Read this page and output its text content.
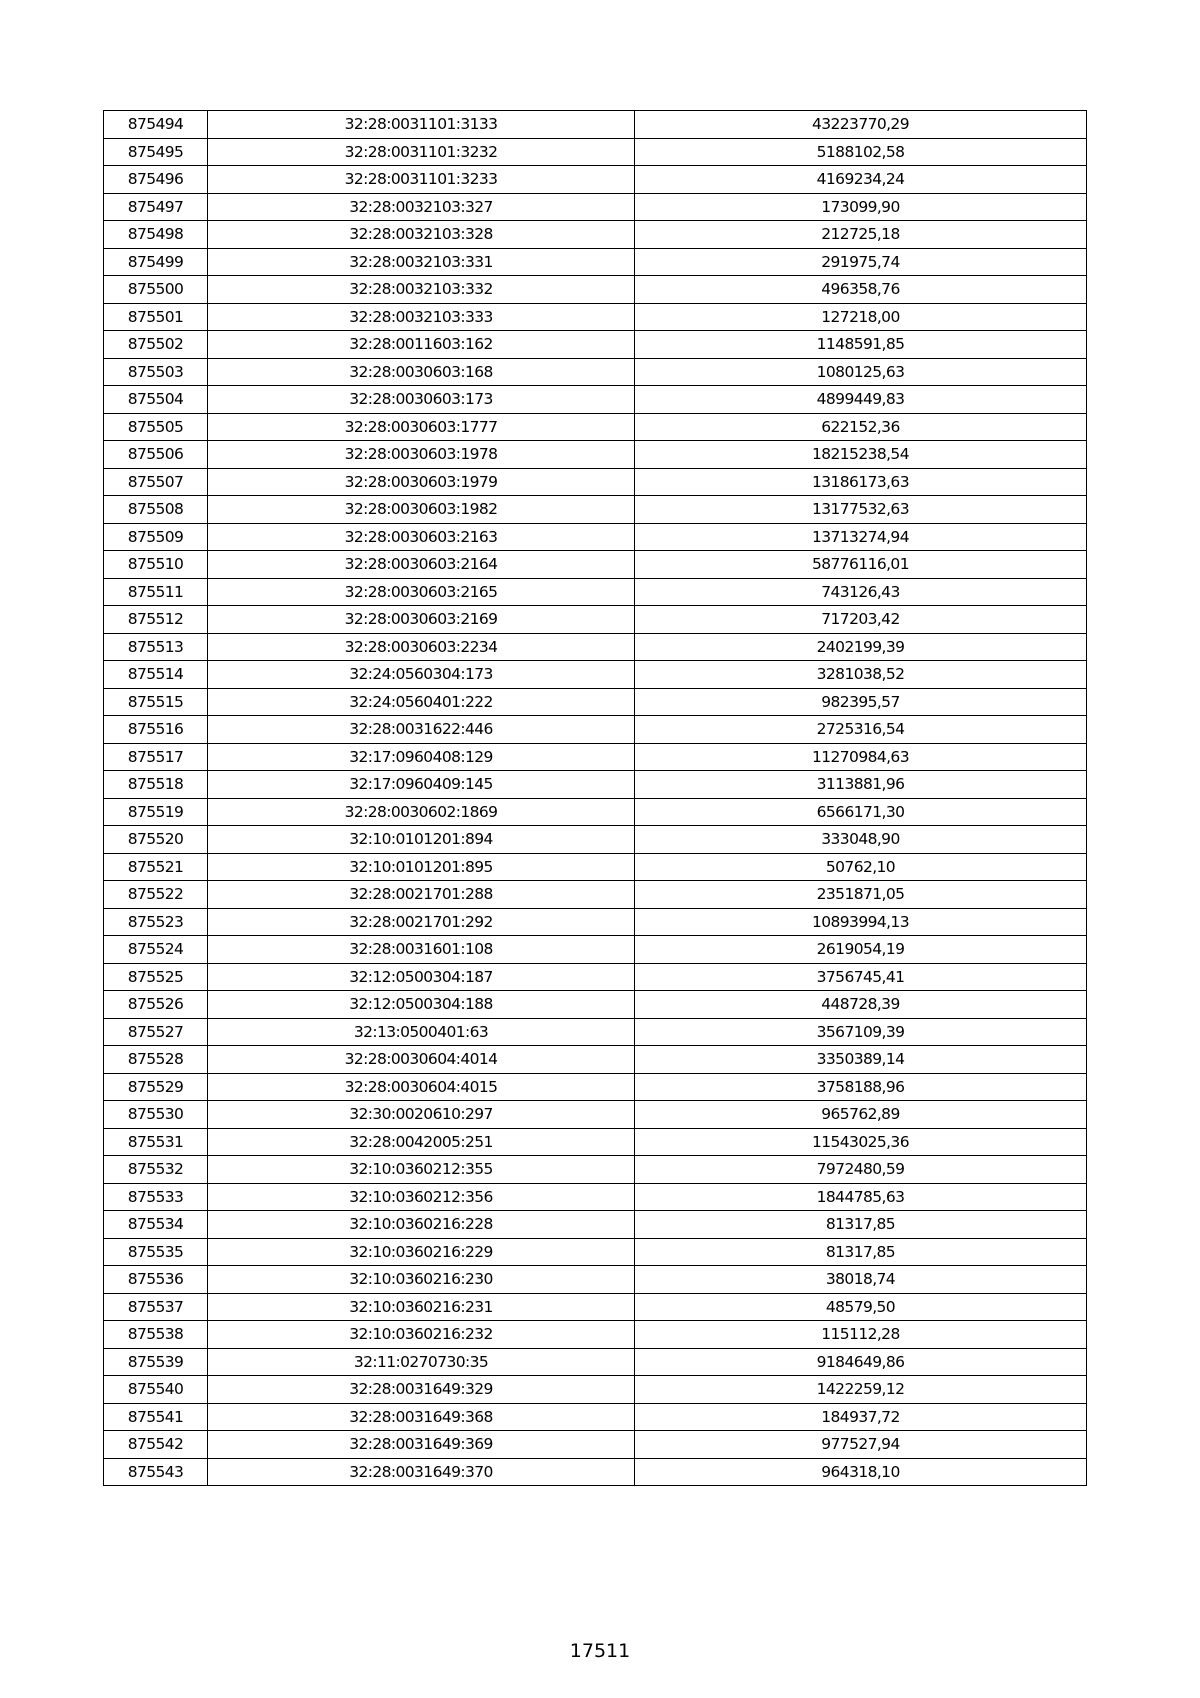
875494	32:28:0031101:3133	43223770,29
875495	32:28:0031101:3232	5188102,58
875496	32:28:0031101:3233	4169234,24
875497	32:28:0032103:327	173099,90
875498	32:28:0032103:328	212725,18
875499	32:28:0032103:331	291975,74
875500	32:28:0032103:332	496358,76
875501	32:28:0032103:333	127218,00
875502	32:28:0011603:162	1148591,85
875503	32:28:0030603:168	1080125,63
875504	32:28:0030603:173	4899449,83
875505	32:28:0030603:1777	622152,36
875506	32:28:0030603:1978	18215238,54
875507	32:28:0030603:1979	13186173,63
875508	32:28:0030603:1982	13177532,63
875509	32:28:0030603:2163	13713274,94
875510	32:28:0030603:2164	58776116,01
875511	32:28:0030603:2165	743126,43
875512	32:28:0030603:2169	717203,42
875513	32:28:0030603:2234	2402199,39
875514	32:24:0560304:173	3281038,52
875515	32:24:0560401:222	982395,57
875516	32:28:0031622:446	2725316,54
875517	32:17:0960408:129	11270984,63
875518	32:17:0960409:145	3113881,96
875519	32:28:0030602:1869	6566171,30
875520	32:10:0101201:894	333048,90
875521	32:10:0101201:895	50762,10
875522	32:28:0021701:288	2351871,05
875523	32:28:0021701:292	10893994,13
875524	32:28:0031601:108	2619054,19
875525	32:12:0500304:187	3756745,41
875526	32:12:0500304:188	448728,39
875527	32:13:0500401:63	3567109,39
875528	32:28:0030604:4014	3350389,14
875529	32:28:0030604:4015	3758188,96
875530	32:30:0020610:297	965762,89
875531	32:28:0042005:251	11543025,36
875532	32:10:0360212:355	7972480,59
875533	32:10:0360212:356	1844785,63
875534	32:10:0360216:228	81317,85
875535	32:10:0360216:229	81317,85
875536	32:10:0360216:230	38018,74
875537	32:10:0360216:231	48579,50
875538	32:10:0360216:232	115112,28
875539	32:11:0270730:35	9184649,86
875540	32:28:0031649:329	1422259,12
875541	32:28:0031649:368	184937,72
875542	32:28:0031649:369	977527,94
875543	32:28:0031649:370	964318,10
17511
